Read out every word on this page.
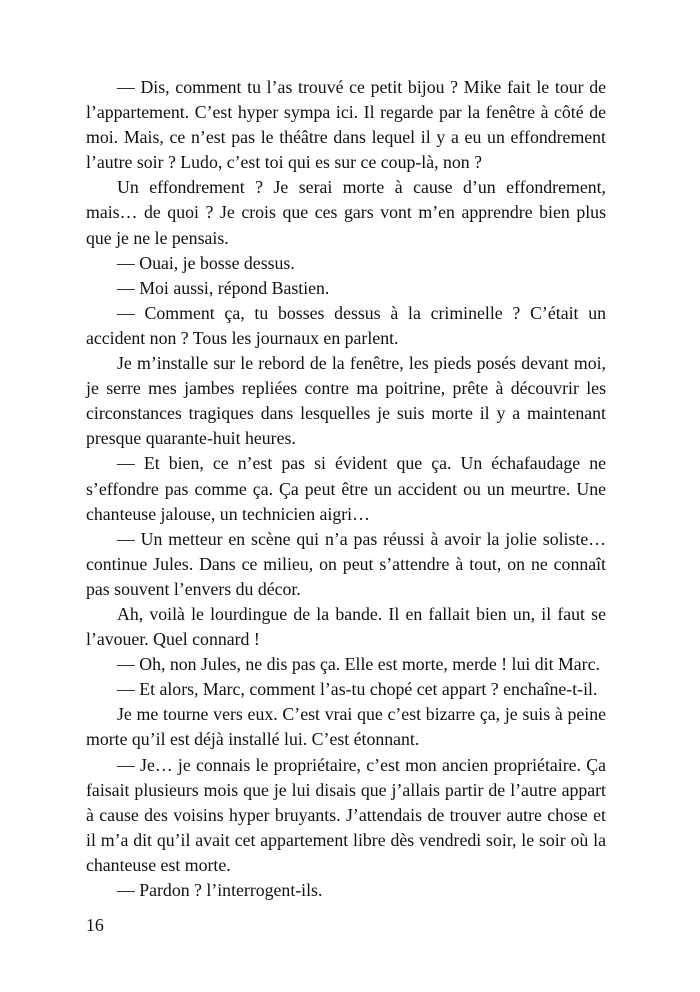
— Dis, comment tu l’as trouvé ce petit bijou ? Mike fait le tour de l’appartement. C’est hyper sympa ici. Il regarde par la fenêtre à côté de moi. Mais, ce n’est pas le théâtre dans lequel il y a eu un effondrement l’autre soir ? Ludo, c’est toi qui es sur ce coup-là, non ?

Un effondrement ? Je serai morte à cause d’un effondrement, mais… de quoi ? Je crois que ces gars vont m’en apprendre bien plus que je ne le pensais.

— Ouai, je bosse dessus.

— Moi aussi, répond Bastien.

— Comment ça, tu bosses dessus à la criminelle ? C’était un accident non ? Tous les journaux en parlent.

Je m’installe sur le rebord de la fenêtre, les pieds posés devant moi, je serre mes jambes repliées contre ma poitrine, prête à découvrir les circonstances tragiques dans lesquelles je suis morte il y a maintenant presque quarante-huit heures.

— Et bien, ce n’est pas si évident que ça. Un échafaudage ne s’effondre pas comme ça. Ça peut être un accident ou un meurtre. Une chanteuse jalouse, un technicien aigri…

— Un metteur en scène qui n’a pas réussi à avoir la jolie soliste… continue Jules. Dans ce milieu, on peut s’attendre à tout, on ne connaît pas souvent l’envers du décor.

Ah, voilà le lourdingue de la bande. Il en fallait bien un, il faut se l’avouer. Quel connard !

— Oh, non Jules, ne dis pas ça. Elle est morte, merde ! lui dit Marc.

— Et alors, Marc, comment l’as-tu chopé cet appart ? enchaîne-t-il.

Je me tourne vers eux. C’est vrai que c’est bizarre ça, je suis à peine morte qu’il est déjà installé lui. C’est étonnant.

— Je… je connais le propriétaire, c’est mon ancien propriétaire. Ça faisait plusieurs mois que je lui disais que j’allais partir de l’autre appart à cause des voisins hyper bruyants. J’attendais de trouver autre chose et il m’a dit qu’il avait cet appartement libre dès vendredi soir, le soir où la chanteuse est morte.

— Pardon ? l’interrogent-ils.

16
